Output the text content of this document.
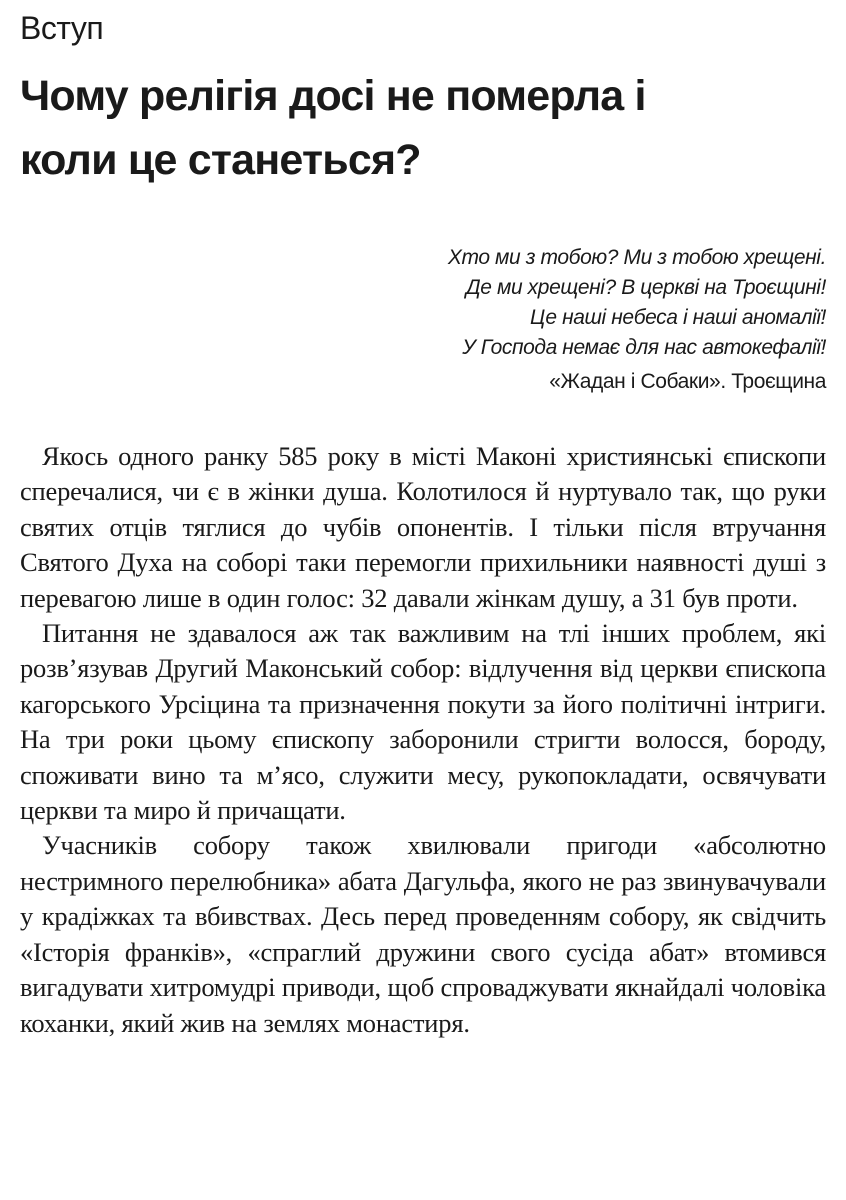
Вступ
Чому релігія досі не померла і
коли це станеться?
Хто ми з тобою? Ми з тобою хрещені.
Де ми хрещені? В церкві на Троєщині!
Це наші небеса і наші аномалії!
У Господа немає для нас автокефалії!
«Жадан і Собаки». Троєщина

Якось одного ранку 585 року в місті Маконі християнські єпископи сперечалися, чи є в жінки душа. Колотилося й нуртувало так, що руки святих отців тяглися до чубів опонентів. І тільки після втручання Святого Духа на соборі таки перемогли прихильники наявності душі з перевагою лише в один голос: 32 давали жінкам душу, а 31 був проти.

Питання не здавалося аж так важливим на тлі інших проблем, які розв’язував Другий Маконський собор: відлучення від церкви єпископа кагорського Урсіцина та призначення покути за його політичні інтриги. На три роки цьому єпископу заборонили стригти волосся, бороду, споживати вино та м’ясо, служити месу, рукопокладати, освячувати церкви та миро й причащати.

Учасників собору також хвилювали пригоди «абсолютно нестримного перелюбника» абата Дагульфа, якого не раз звинувачували у крадіжках та вбивствах. Десь перед проведенням собору, як свідчить «Історія франків», «спраглий дружини свого сусіда абат» втомився вигадувати хитромудрі приводи, щоб спроваджувати якнайдалі чоловіка коханки, який жив на землях монастиря.
